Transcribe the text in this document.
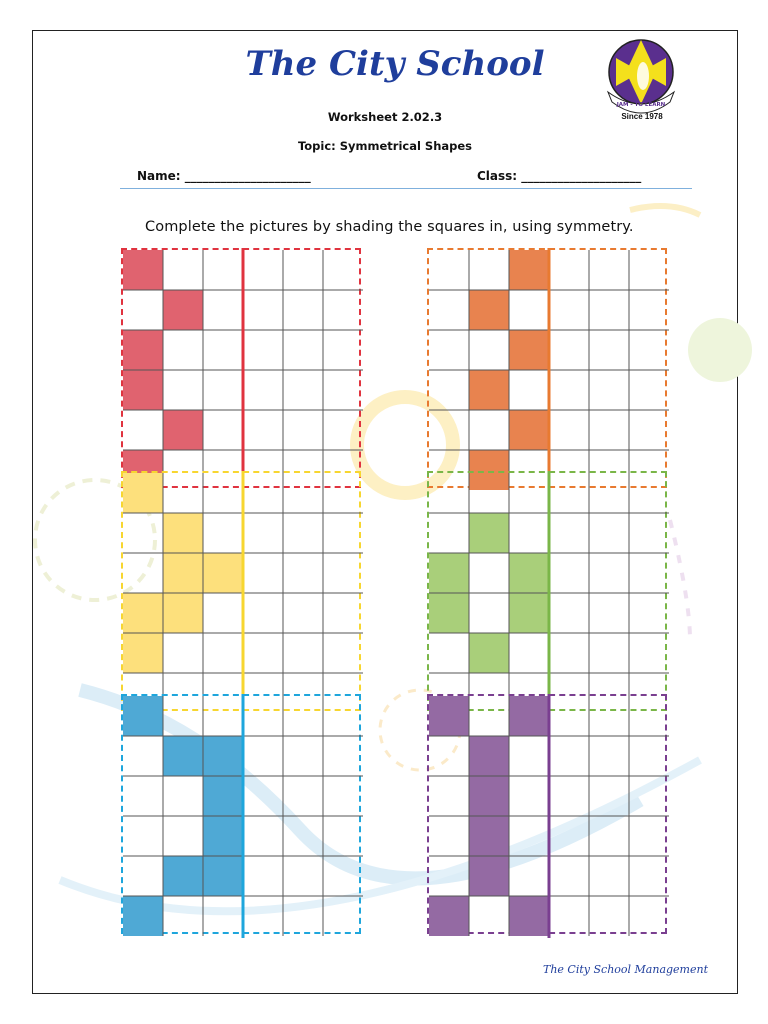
The City School
JAM - TO LEARN
Since 1978
Worksheet 2.02.3
Topic: Symmetrical Shapes
Name: _____________________	Class: ____________________
Complete the pictures by shading the squares in, using symmetry.
The City School Management
